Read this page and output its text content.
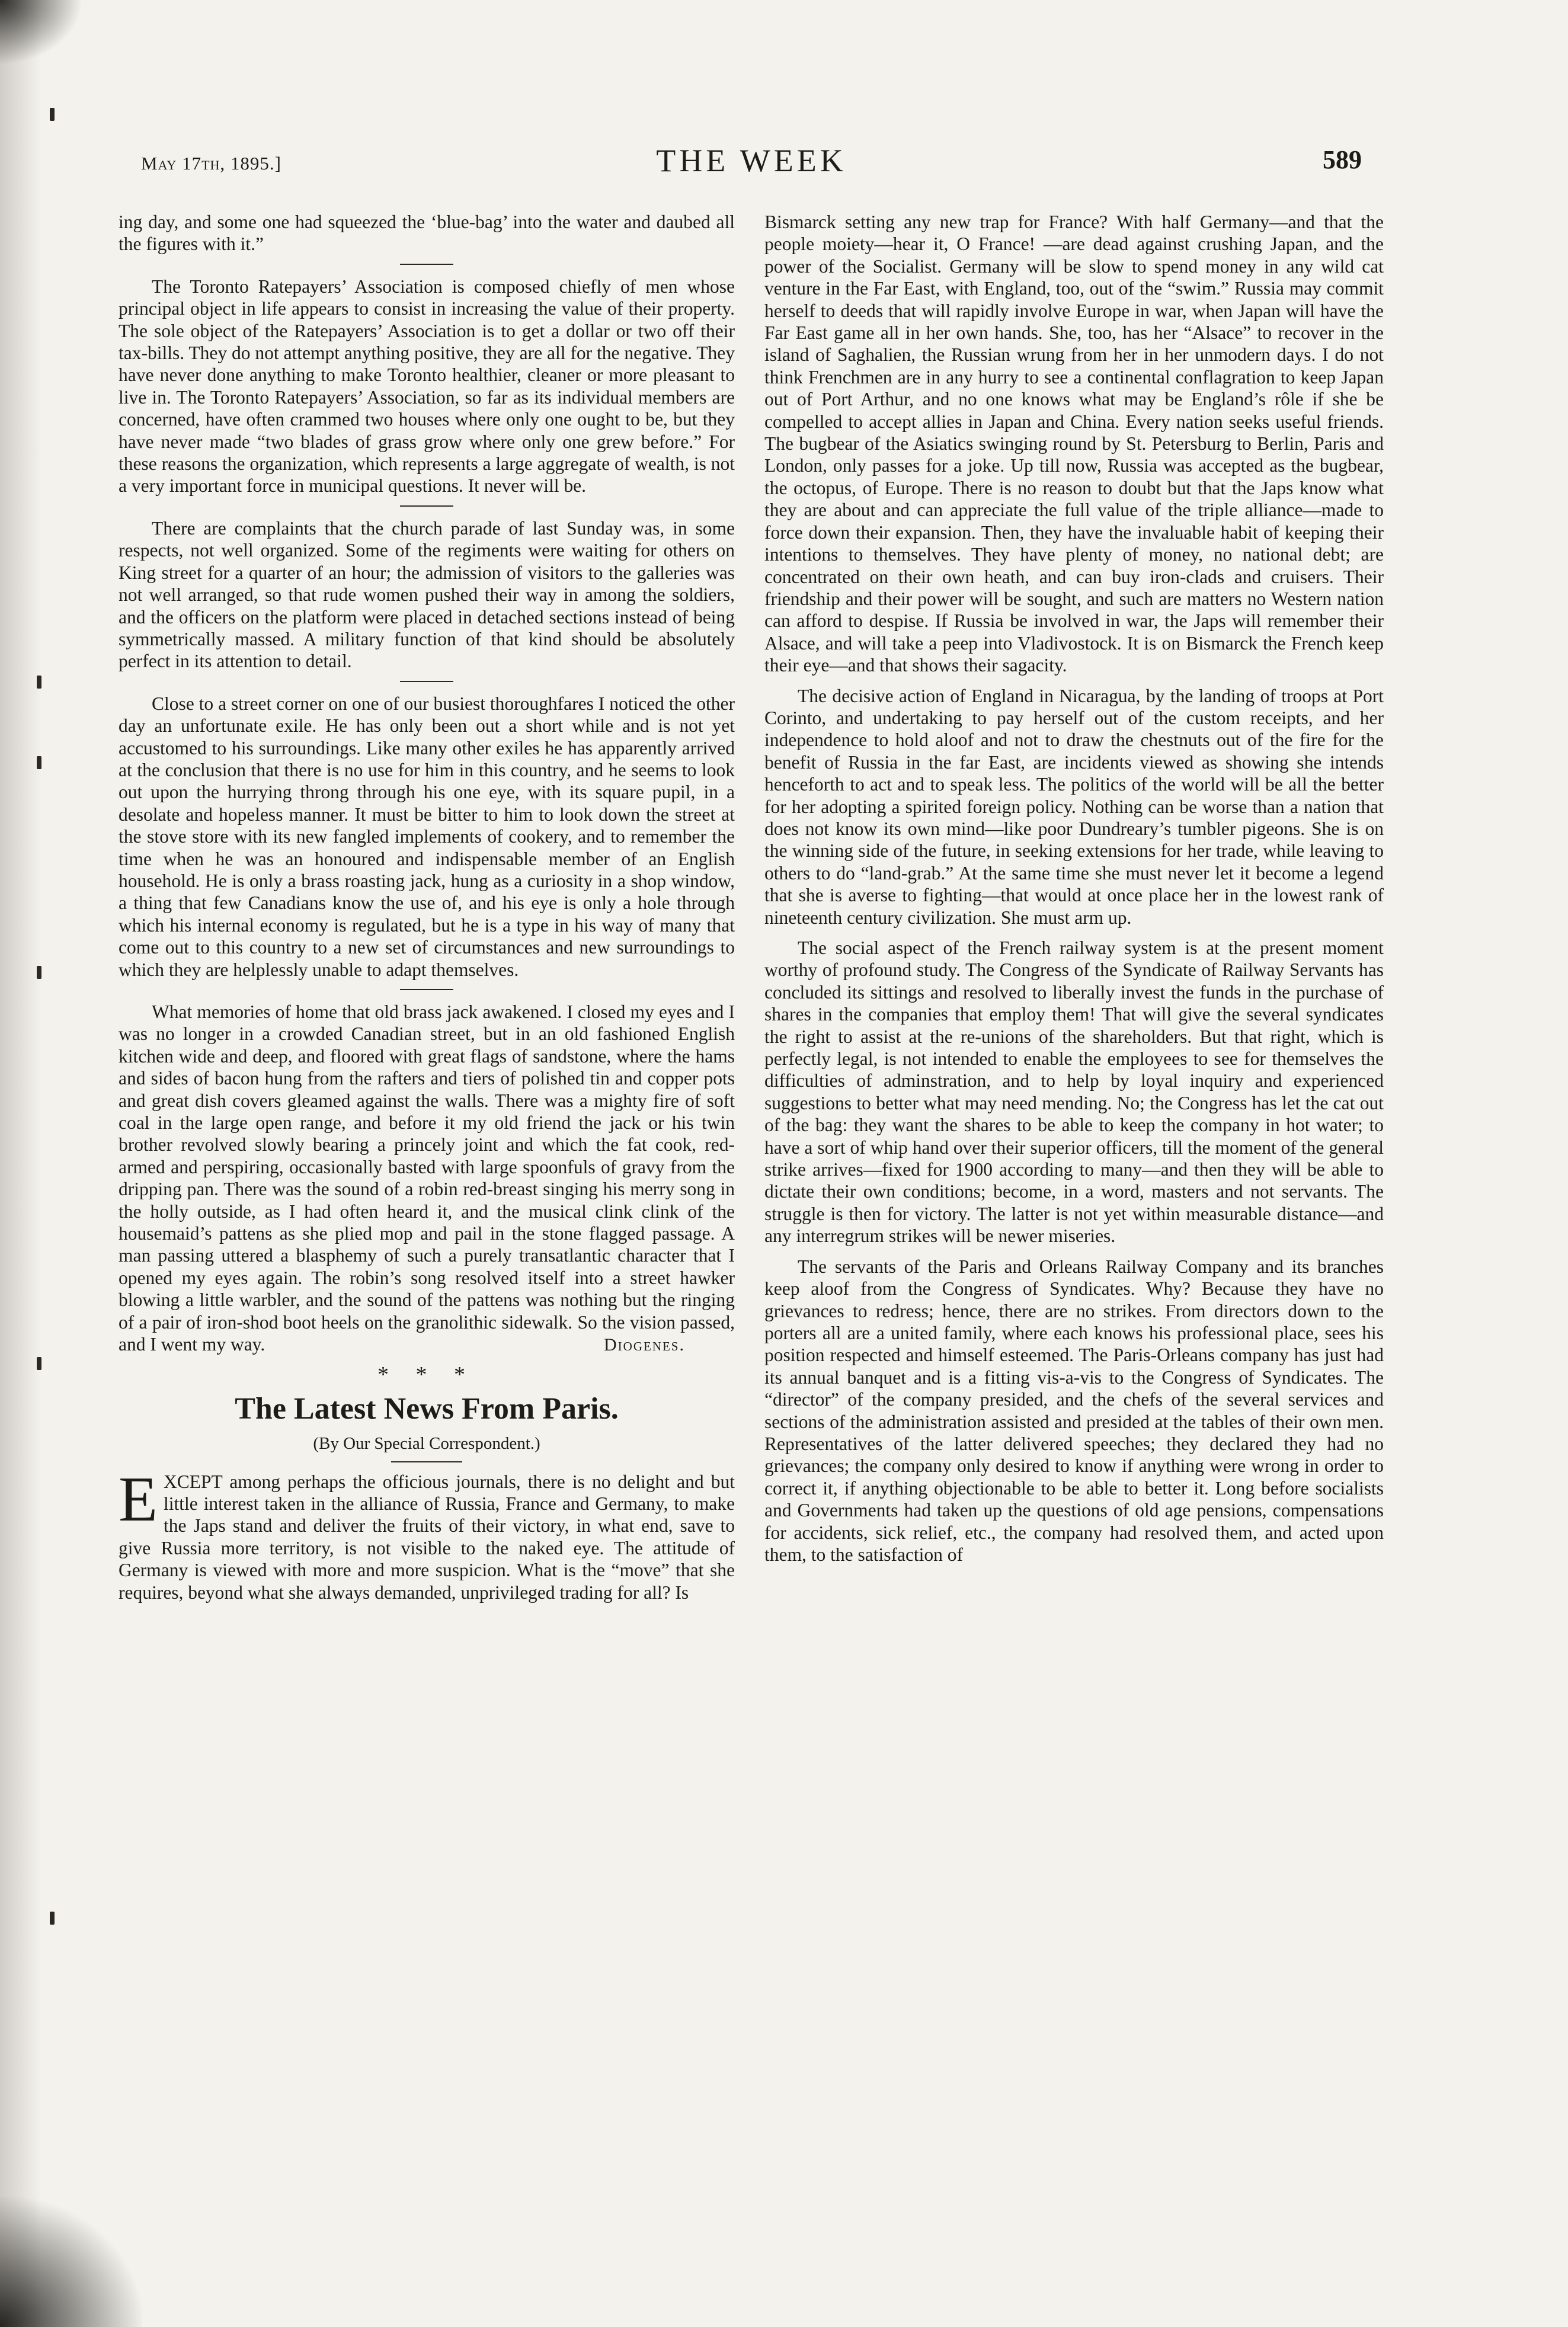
May 17th, 1895.]	THE WEEK	589

ing day, and some one had squeezed the ‘blue-bag’ into the water and daubed all the figures with it.”

The Toronto Ratepayers’ Association is composed chiefly of men whose principal object in life appears to consist in increasing the value of their property. The sole object of the Ratepayers’ Association is to get a dollar or two off their tax-bills. They do not attempt anything positive, they are all for the negative. They have never done anything to make Toronto healthier, cleaner or more pleasant to live in. The Toronto Ratepayers’ Association, so far as its individual members are concerned, have often crammed two houses where only one ought to be, but they have never made “two blades of grass grow where only one grew before.” For these reasons the organization, which represents a large aggregate of wealth, is not a very important force in municipal questions. It never will be.

There are complaints that the church parade of last Sunday was, in some respects, not well organized. Some of the regiments were waiting for others on King street for a quarter of an hour; the admission of visitors to the galleries was not well arranged, so that rude women pushed their way in among the soldiers, and the officers on the platform were placed in detached sections instead of being symmetrically massed. A military function of that kind should be absolutely perfect in its attention to detail.

Close to a street corner on one of our busiest thoroughfares I noticed the other day an unfortunate exile. He has only been out a short while and is not yet accustomed to his surroundings. Like many other exiles he has apparently arrived at the conclusion that there is no use for him in this country, and he seems to look out upon the hurrying throng through his one eye, with its square pupil, in a desolate and hopeless manner. It must be bitter to him to look down the street at the stove store with its new fangled implements of cookery, and to remember the time when he was an honoured and indispensable member of an English household. He is only a brass roasting jack, hung as a curiosity in a shop window, a thing that few Canadians know the use of, and his eye is only a hole through which his internal economy is regulated, but he is a type in his way of many that come out to this country to a new set of circumstances and new surroundings to which they are helplessly unable to adapt themselves.

What memories of home that old brass jack awakened. I closed my eyes and I was no longer in a crowded Canadian street, but in an old fashioned English kitchen wide and deep, and floored with great flags of sandstone, where the hams and sides of bacon hung from the rafters and tiers of polished tin and copper pots and great dish covers gleamed against the walls. There was a mighty fire of soft coal in the large open range, and before it my old friend the jack or his twin brother revolved slowly bearing a princely joint and which the fat cook, red-armed and perspiring, occasionally basted with large spoonfuls of gravy from the dripping pan. There was the sound of a robin red-breast singing his merry song in the holly outside, as I had often heard it, and the musical clink clink of the housemaid’s pattens as she plied mop and pail in the stone flagged passage. A man passing uttered a blasphemy of such a purely transatlantic character that I opened my eyes again. The robin’s song resolved itself into a street hawker blowing a little warbler, and the sound of the pattens was nothing but the ringing of a pair of iron-shod boot heels on the granolithic sidewalk. So the vision passed, and I went my way.	Diogenes.
* * *
The Latest News From Paris.
(By Our Special Correspondent.)

EXCEPT among perhaps the officious journals, there is no delight and but little interest taken in the alliance of Russia, France and Germany, to make the Japs stand and deliver the fruits of their victory, in what end, save to give Russia more territory, is not visible to the naked eye. The attitude of Germany is viewed with more and more suspicion. What is the “move” that she requires, beyond what she always demanded, unprivileged trading for all? Is

Bismarck setting any new trap for France? With half Germany—and that the people moiety—hear it, O France! —are dead against crushing Japan, and the power of the Socialist. Germany will be slow to spend money in any wild cat venture in the Far East, with England, too, out of the “swim.” Russia may commit herself to deeds that will rapidly involve Europe in war, when Japan will have the Far East game all in her own hands. She, too, has her “Alsace” to recover in the island of Saghalien, the Russian wrung from her in her unmodern days. I do not think Frenchmen are in any hurry to see a continental conflagration to keep Japan out of Port Arthur, and no one knows what may be England’s rôle if she be compelled to accept allies in Japan and China. Every nation seeks useful friends. The bugbear of the Asiatics swinging round by St. Petersburg to Berlin, Paris and London, only passes for a joke. Up till now, Russia was accepted as the bugbear, the octopus, of Europe. There is no reason to doubt but that the Japs know what they are about and can appreciate the full value of the triple alliance—made to force down their expansion. Then, they have the invaluable habit of keeping their intentions to themselves. They have plenty of money, no national debt; are concentrated on their own heath, and can buy iron-clads and cruisers. Their friendship and their power will be sought, and such are matters no Western nation can afford to despise. If Russia be involved in war, the Japs will remember their Alsace, and will take a peep into Vladivostock. It is on Bismarck the French keep their eye—and that shows their sagacity.

The decisive action of England in Nicaragua, by the landing of troops at Port Corinto, and undertaking to pay herself out of the custom receipts, and her independence to hold aloof and not to draw the chestnuts out of the fire for the benefit of Russia in the far East, are incidents viewed as showing she intends henceforth to act and to speak less. The politics of the world will be all the better for her adopting a spirited foreign policy. Nothing can be worse than a nation that does not know its own mind—like poor Dundreary’s tumbler pigeons. She is on the winning side of the future, in seeking extensions for her trade, while leaving to others to do “land-grab.” At the same time she must never let it become a legend that she is averse to fighting—that would at once place her in the lowest rank of nineteenth century civilization. She must arm up.

The social aspect of the French railway system is at the present moment worthy of profound study. The Congress of the Syndicate of Railway Servants has concluded its sittings and resolved to liberally invest the funds in the purchase of shares in the companies that employ them! That will give the several syndicates the right to assist at the re-unions of the shareholders. But that right, which is perfectly legal, is not intended to enable the employees to see for themselves the difficulties of adminstration, and to help by loyal inquiry and experienced suggestions to better what may need mending. No; the Congress has let the cat out of the bag: they want the shares to be able to keep the company in hot water; to have a sort of whip hand over their superior officers, till the moment of the general strike arrives—fixed for 1900 according to many—and then they will be able to dictate their own conditions; become, in a word, masters and not servants. The struggle is then for victory. The latter is not yet within measurable distance—and any interregrum strikes will be newer miseries.

The servants of the Paris and Orleans Railway Company and its branches keep aloof from the Congress of Syndicates. Why? Because they have no grievances to redress; hence, there are no strikes. From directors down to the porters all are a united family, where each knows his professional place, sees his position respected and himself esteemed. The Paris-Orleans company has just had its annual banquet and is a fitting vis-a-vis to the Congress of Syndicates. The “director” of the company presided, and the chefs of the several services and sections of the administration assisted and presided at the tables of their own men. Representatives of the latter delivered speeches; they declared they had no grievances; the company only desired to know if anything were wrong in order to correct it, if anything objectionable to be able to better it. Long before socialists and Governments had taken up the questions of old age pensions, compensations for accidents, sick relief, etc., the company had resolved them, and acted upon them, to the satisfaction of
